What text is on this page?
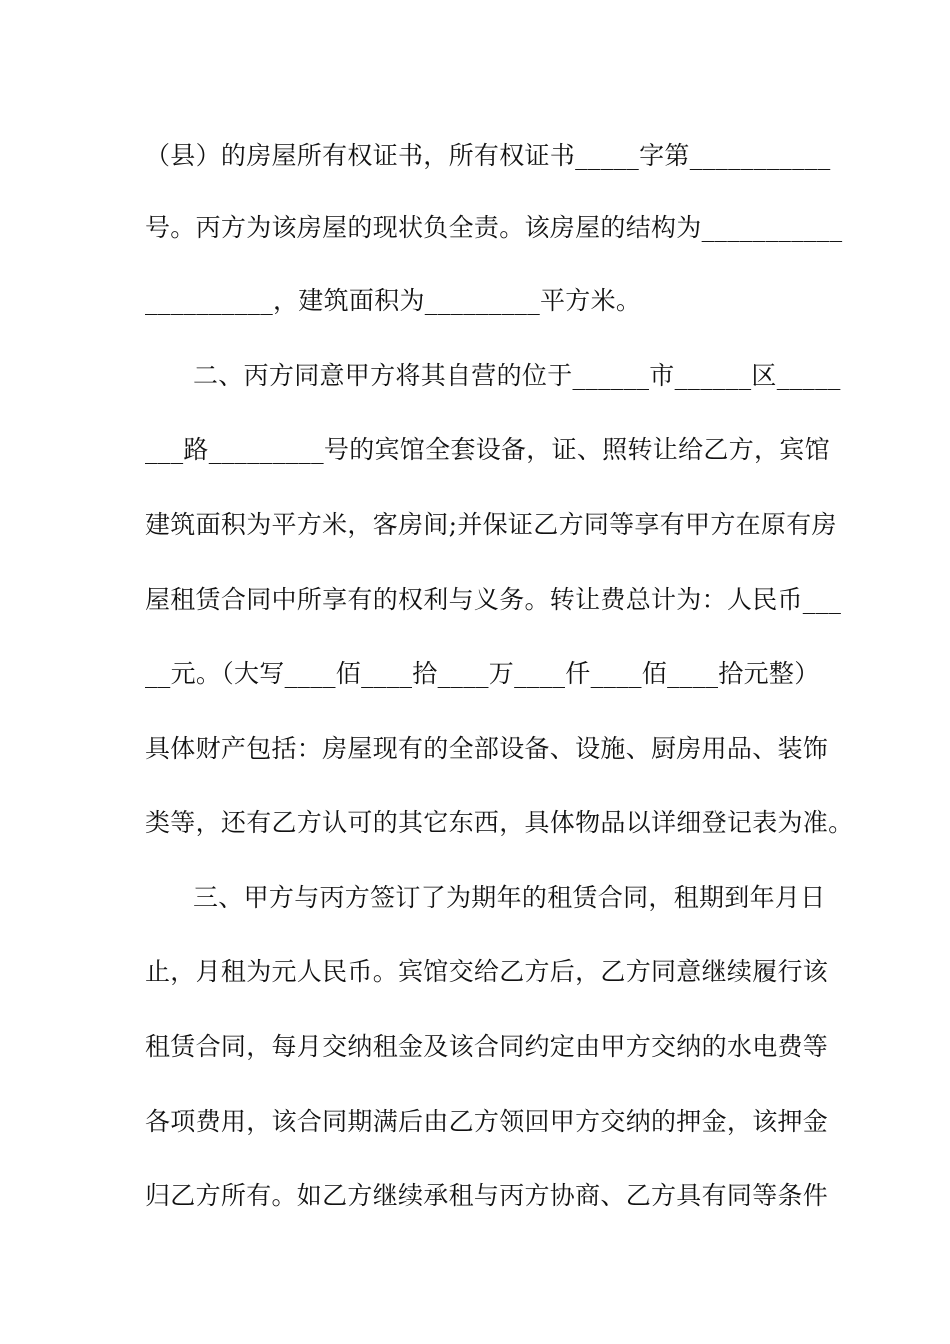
（县）的房屋所有权证书，所有权证书_____字第___________
号。丙方为该房屋的现状负全责。该房屋的结构为___________
__________，建筑面积为_________平方米。
二、丙方同意甲方将其自营的位于______市______区_____
___路_________号的宾馆全套设备，证、照转让给乙方，宾馆
建筑面积为平方米，客房间;并保证乙方同等享有甲方在原有房
屋租赁合同中所享有的权利与义务。转让费总计为：人民币___
__元。（大写____佰____拾____万____仟____佰____拾元整）
具体财产包括：房屋现有的全部设备、设施、厨房用品、装饰
类等，还有乙方认可的其它东西，具体物品以详细登记表为准。
三、甲方与丙方签订了为期年的租赁合同，租期到年月日
止，月租为元人民币。宾馆交给乙方后，乙方同意继续履行该
租赁合同，每月交纳租金及该合同约定由甲方交纳的水电费等
各项费用，该合同期满后由乙方领回甲方交纳的押金，该押金
归乙方所有。如乙方继续承租与丙方协商、乙方具有同等条件
